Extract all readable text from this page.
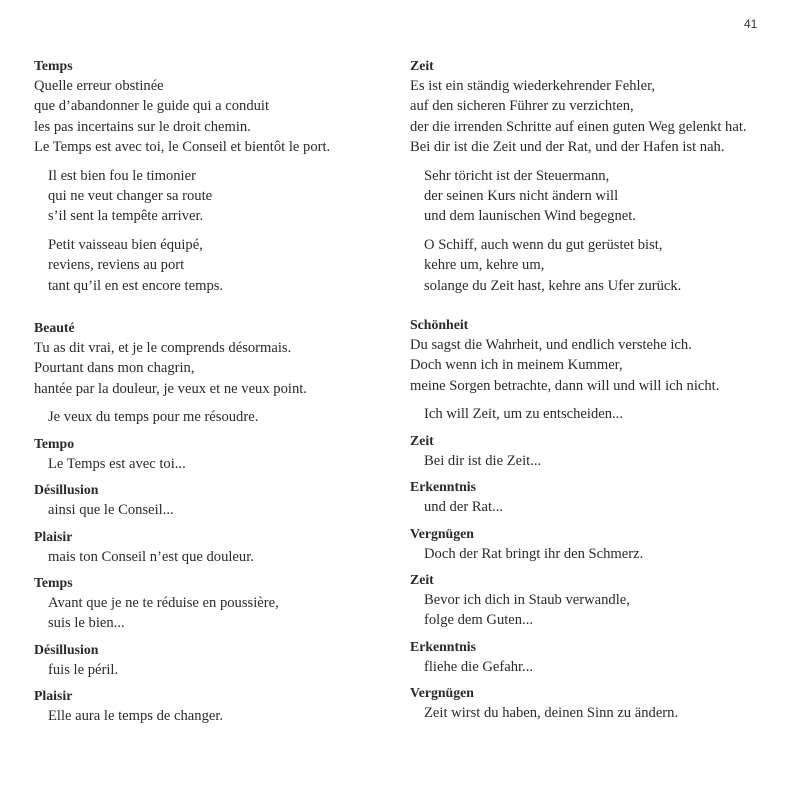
41
Temps
Quelle erreur obstinée
que d’abandonner le guide qui a conduit
les pas incertains sur le droit chemin.
Le Temps est avec toi, le Conseil et bientôt le port.
Il est bien fou le timonier
qui ne veut changer sa route
s’il sent la tempête arriver.
Petit vaisseau bien équipé,
reviens, reviens au port
tant qu’il en est encore temps.
Beauté
Tu as dit vrai, et je le comprends désormais.
Pourtant dans mon chagrin,
hantée par la douleur, je veux et ne veux point.
Je veux du temps pour me résoudre.
Tempo
Le Temps est avec toi...
Désillusion
ainsi que le Conseil...
Plaisir
mais ton Conseil n’est que douleur.
Temps
Avant que je ne te réduise en poussière,
suis le bien...
Désillusion
fuis le péril.
Plaisir
Elle aura le temps de changer.
Zeit
Es ist ein ständig wiederkehrender Fehler,
auf den sicheren Führer zu verzichten,
der die irrenden Schritte auf einen guten Weg gelenkt hat.
Bei dir ist die Zeit und der Rat, und der Hafen ist nah.
Sehr töricht ist der Steuermann,
der seinen Kurs nicht ändern will
und dem launischen Wind begegnet.
O Schiff, auch wenn du gut gerüstet bist,
kehre um, kehre um,
solange du Zeit hast, kehre ans Ufer zurück.
Schönheit
Du sagst die Wahrheit, und endlich verstehe ich.
Doch wenn ich in meinem Kummer,
meine Sorgen betrachte, dann will und will ich nicht.
Ich will Zeit, um zu entscheiden...
Zeit
Bei dir ist die Zeit...
Erkenntnis
und der Rat...
Vergnügen
Doch der Rat bringt ihr den Schmerz.
Zeit
Bevor ich dich in Staub verwandle,
folge dem Guten...
Erkenntnis
fliehe die Gefahr...
Vergnügen
Zeit wirst du haben, deinen Sinn zu ändern.
